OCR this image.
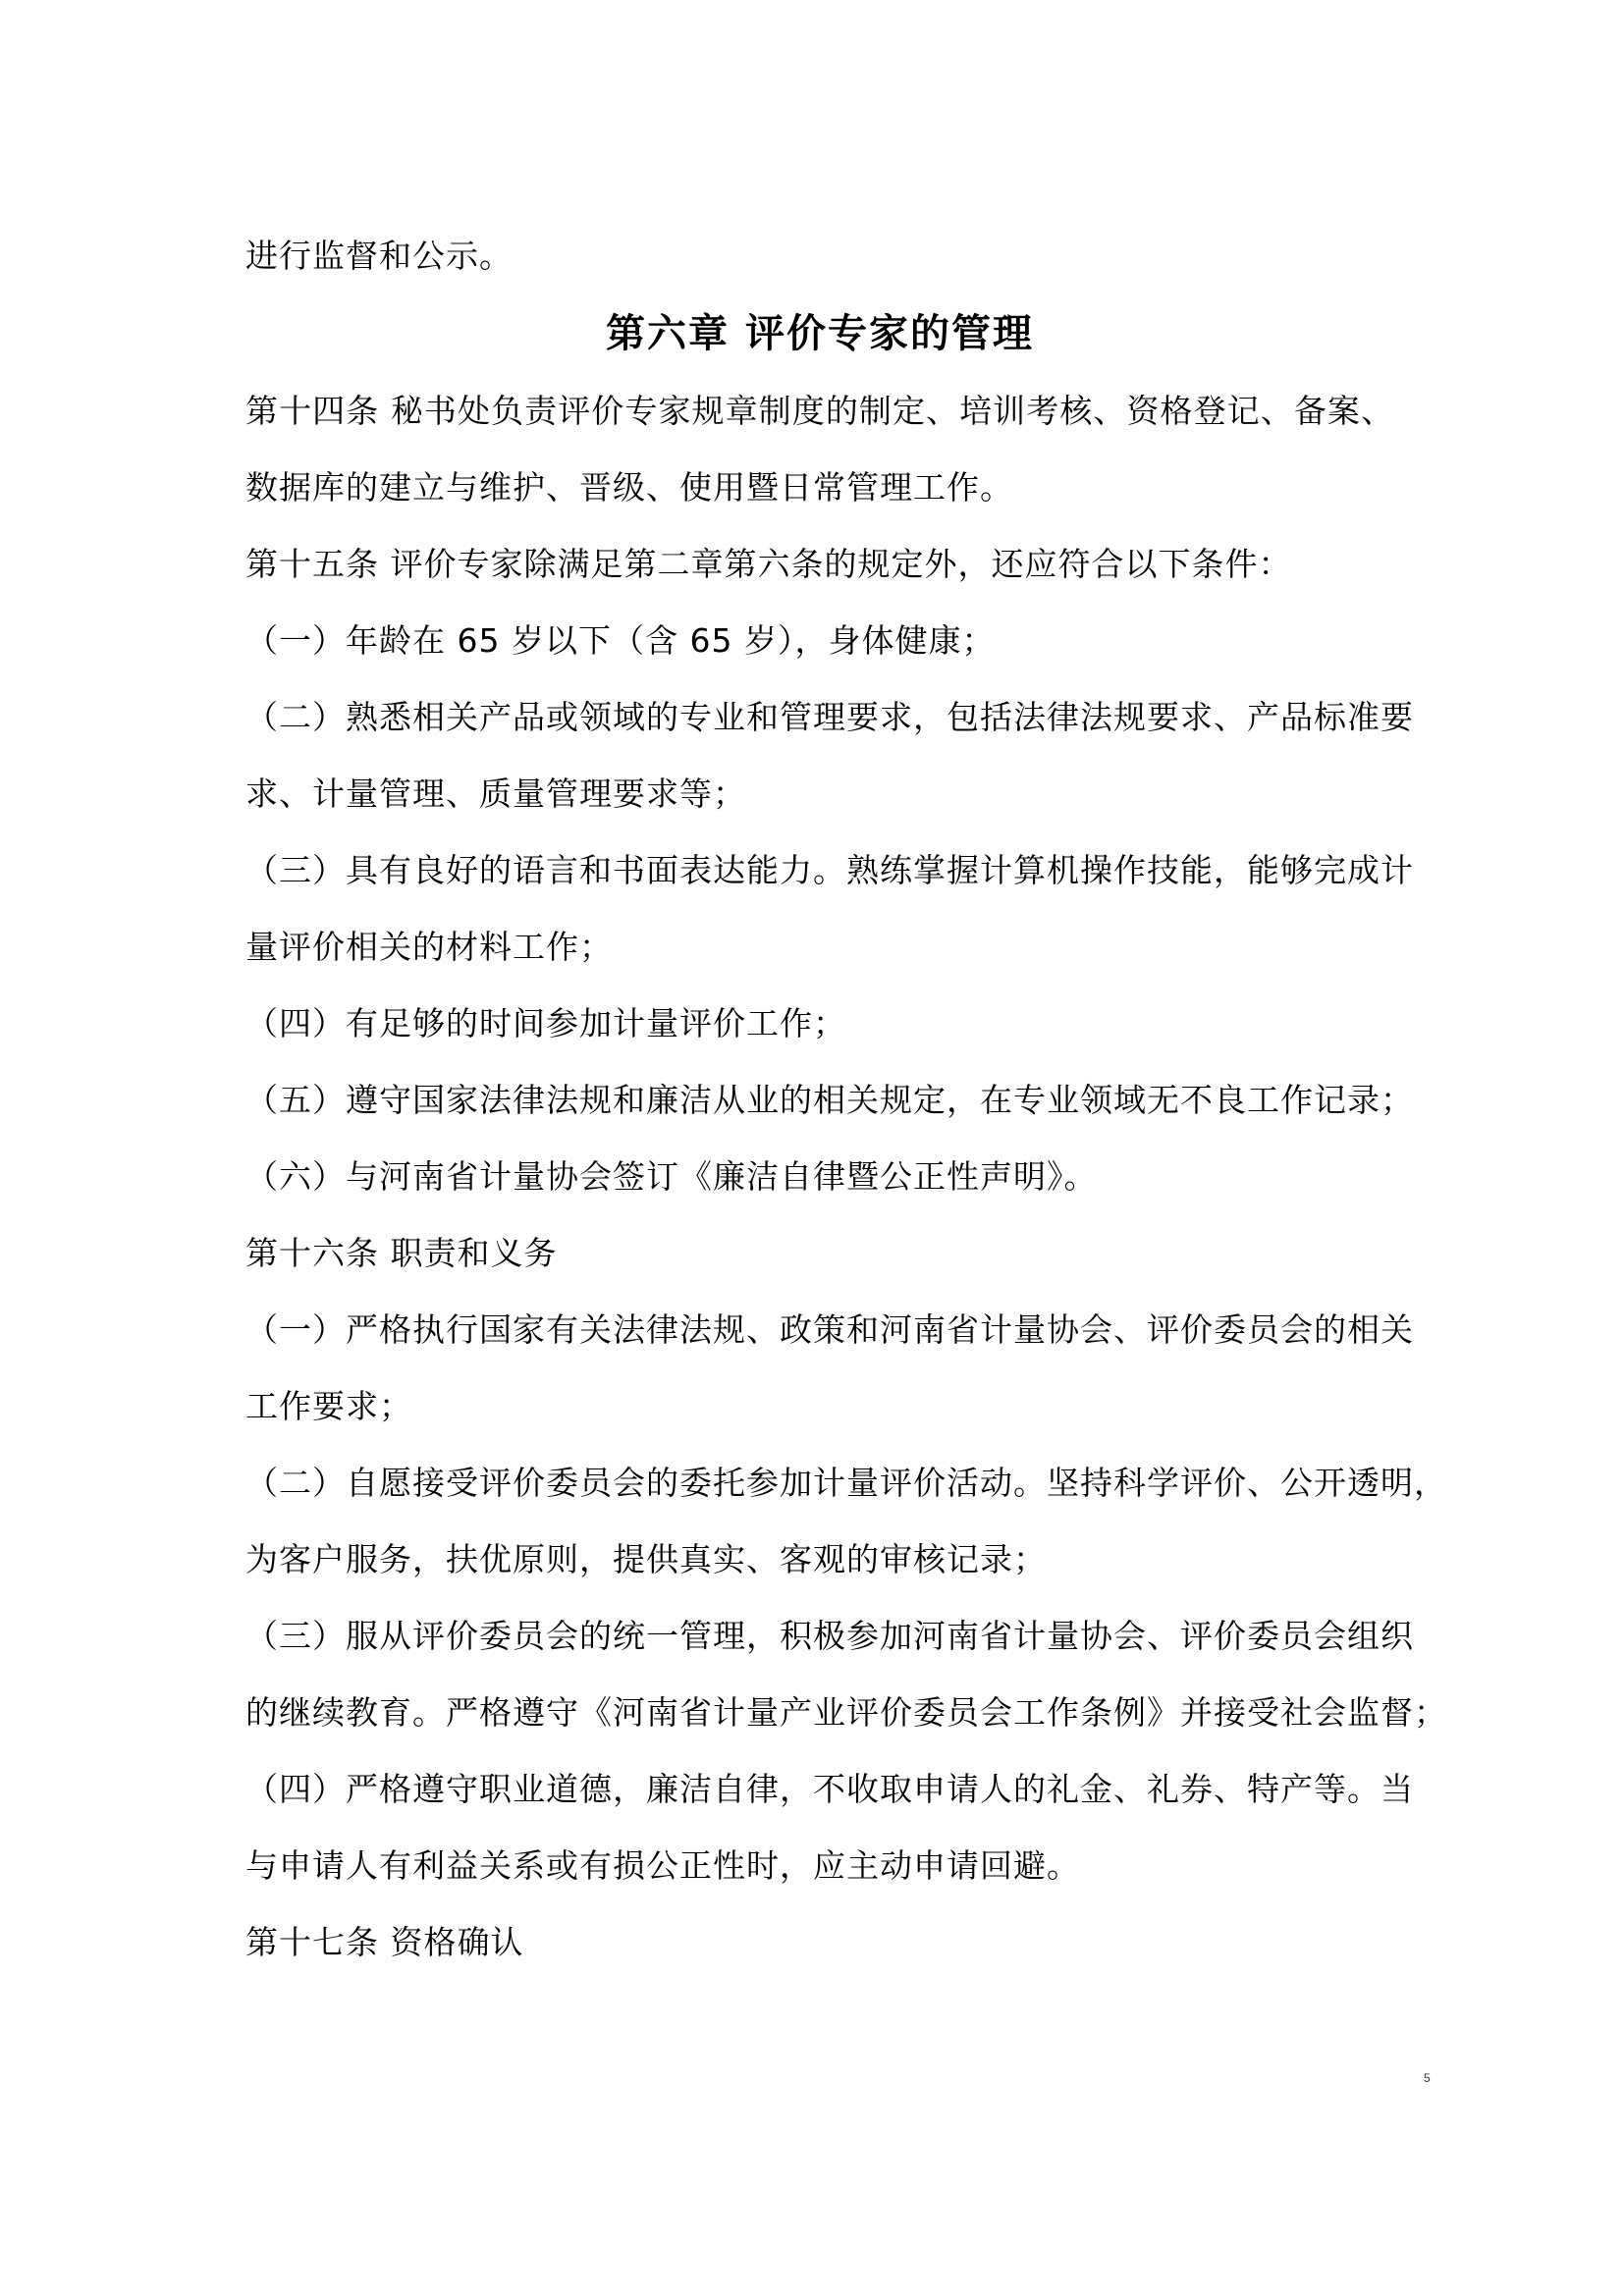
进行监督和公示。
第六章 评价专家的管理
第十四条 秘书处负责评价专家规章制度的制定、培训考核、资格登记、备案、
数据库的建立与维护、晋级、使用暨日常管理工作。
第十五条 评价专家除满足第二章第六条的规定外，还应符合以下条件：
（一）年龄在 65 岁以下（含 65 岁），身体健康；
（二）熟悉相关产品或领域的专业和管理要求，包括法律法规要求、产品标准要
求、计量管理、质量管理要求等；
（三）具有良好的语言和书面表达能力。熟练掌握计算机操作技能，能够完成计
量评价相关的材料工作；
（四）有足够的时间参加计量评价工作；
（五）遵守国家法律法规和廉洁从业的相关规定，在专业领域无不良工作记录；
（六）与河南省计量协会签订《廉洁自律暨公正性声明》。
第十六条 职责和义务
（一）严格执行国家有关法律法规、政策和河南省计量协会、评价委员会的相关
工作要求；
（二）自愿接受评价委员会的委托参加计量评价活动。坚持科学评价、公开透明，
为客户服务，扶优原则，提供真实、客观的审核记录；
（三）服从评价委员会的统一管理，积极参加河南省计量协会、评价委员会组织
的继续教育。严格遵守《河南省计量产业评价委员会工作条例》并接受社会监督；
（四）严格遵守职业道德，廉洁自律，不收取申请人的礼金、礼券、特产等。当
与申请人有利益关系或有损公正性时，应主动申请回避。
第十七条 资格确认
5
